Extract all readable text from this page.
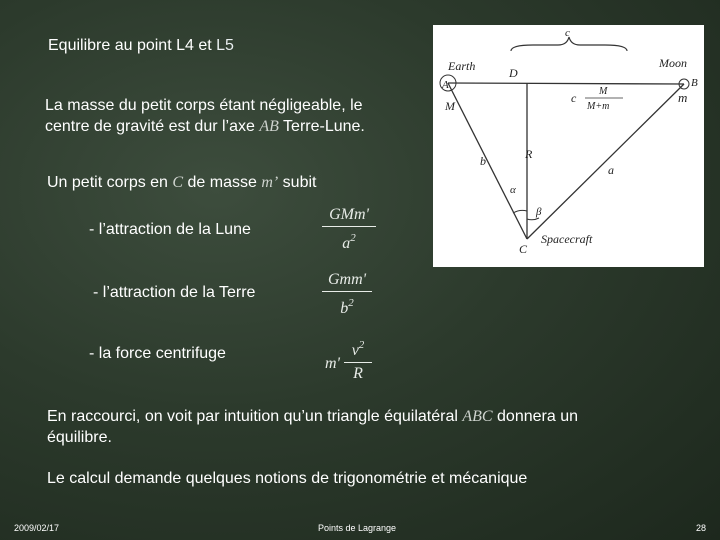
Equilibre au point L4 et L5
La masse du petit corps étant négligeable, le
centre de gravité est dur l’axe AB Terre-Lune.
Un petit corps en C de masse m’ subit
- l’attraction de la Lune
GMm'
$a^2$
- l’attraction de la Terre
Gmm'
$b^2$
- la force centrifuge
m'
$v^2$
R
En raccourci, on voit par intuition qu’un triangle équilatéral ABC donnera un
équilibre.
Le calcul demande quelques notions de trigonométrie et mécanique
2009/02/17	Points de Lagrange	28
c
Earth	Moon
A	B
D
M
m
c M
M+m
R
b
a
α
β
C
Spacecraft
